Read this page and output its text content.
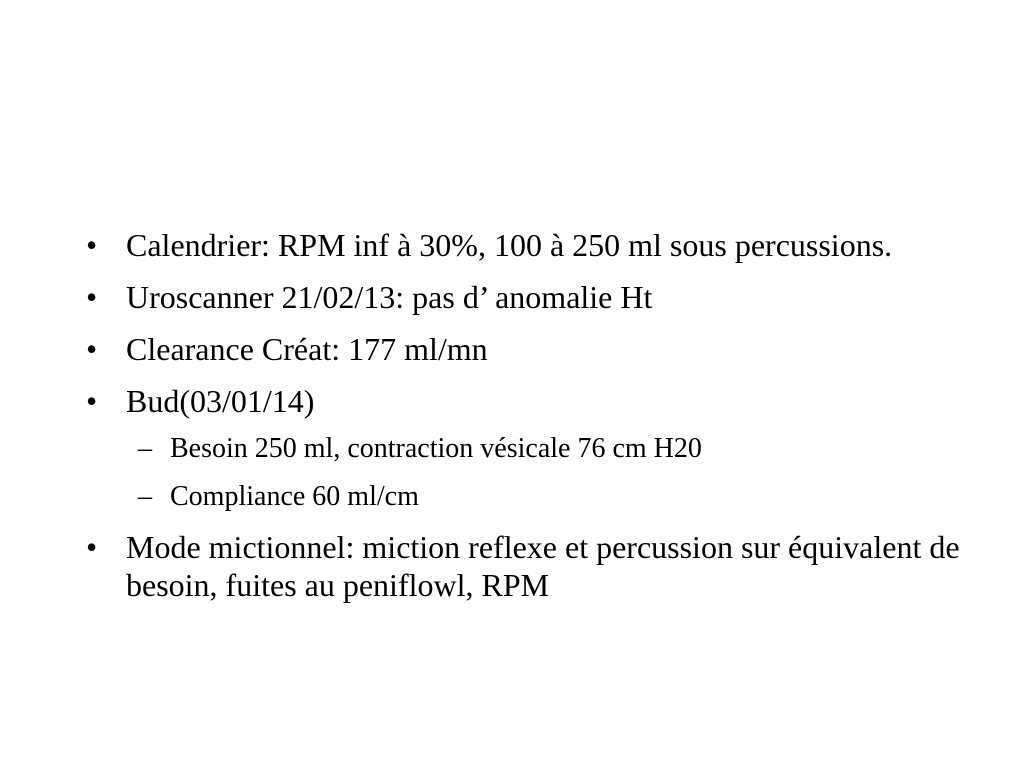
• Calendrier: RPM inf à 30%, 100 à 250 ml sous percussions.
• Uroscanner 21/02/13: pas d’ anomalie Ht
• Clearance Créat: 177 ml/mn
• Bud(03/01/14)
– Besoin 250 ml, contraction vésicale 76 cm H20
– Compliance 60 ml/cm
• Mode mictionnel: miction reflexe et percussion sur équivalent de besoin, fuites au peniflowl, RPM
